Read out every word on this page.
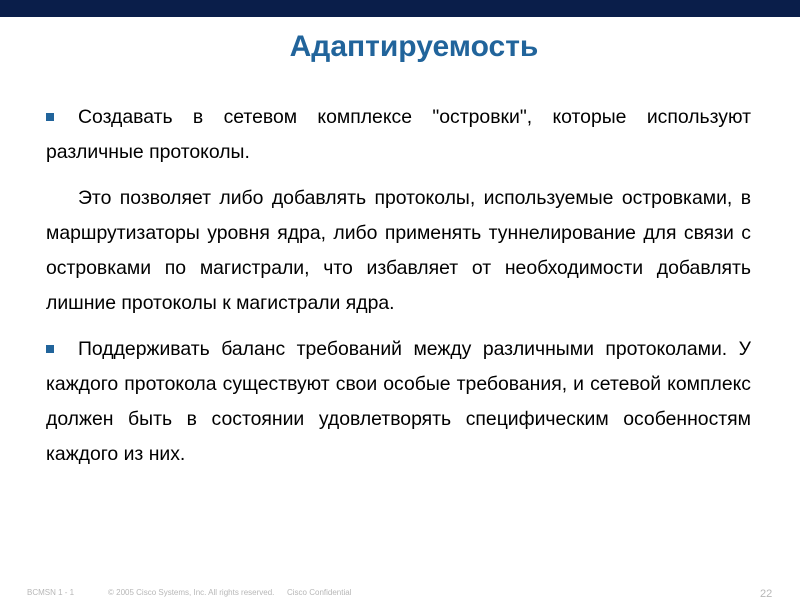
Адаптируемость

Создавать в сетевом комплексе "островки", которые используют различные протоколы.

Это позволяет либо добавлять протоколы, используемые островками, в маршрутизаторы уровня ядра, либо применять туннелирование для связи с островками по магистрали, что избавляет от необходимости добавлять лишние протоколы к магистрали ядра.

Поддерживать баланс требований между различными протоколами. У каждого протокола существуют свои особые требования, и сетевой комплекс должен быть в состоянии удовлетворять специфическим особенностям каждого из них.

BCMSN 1 - 1	© 2005 Cisco Systems, Inc. All rights reserved. Cisco Confidential	22
